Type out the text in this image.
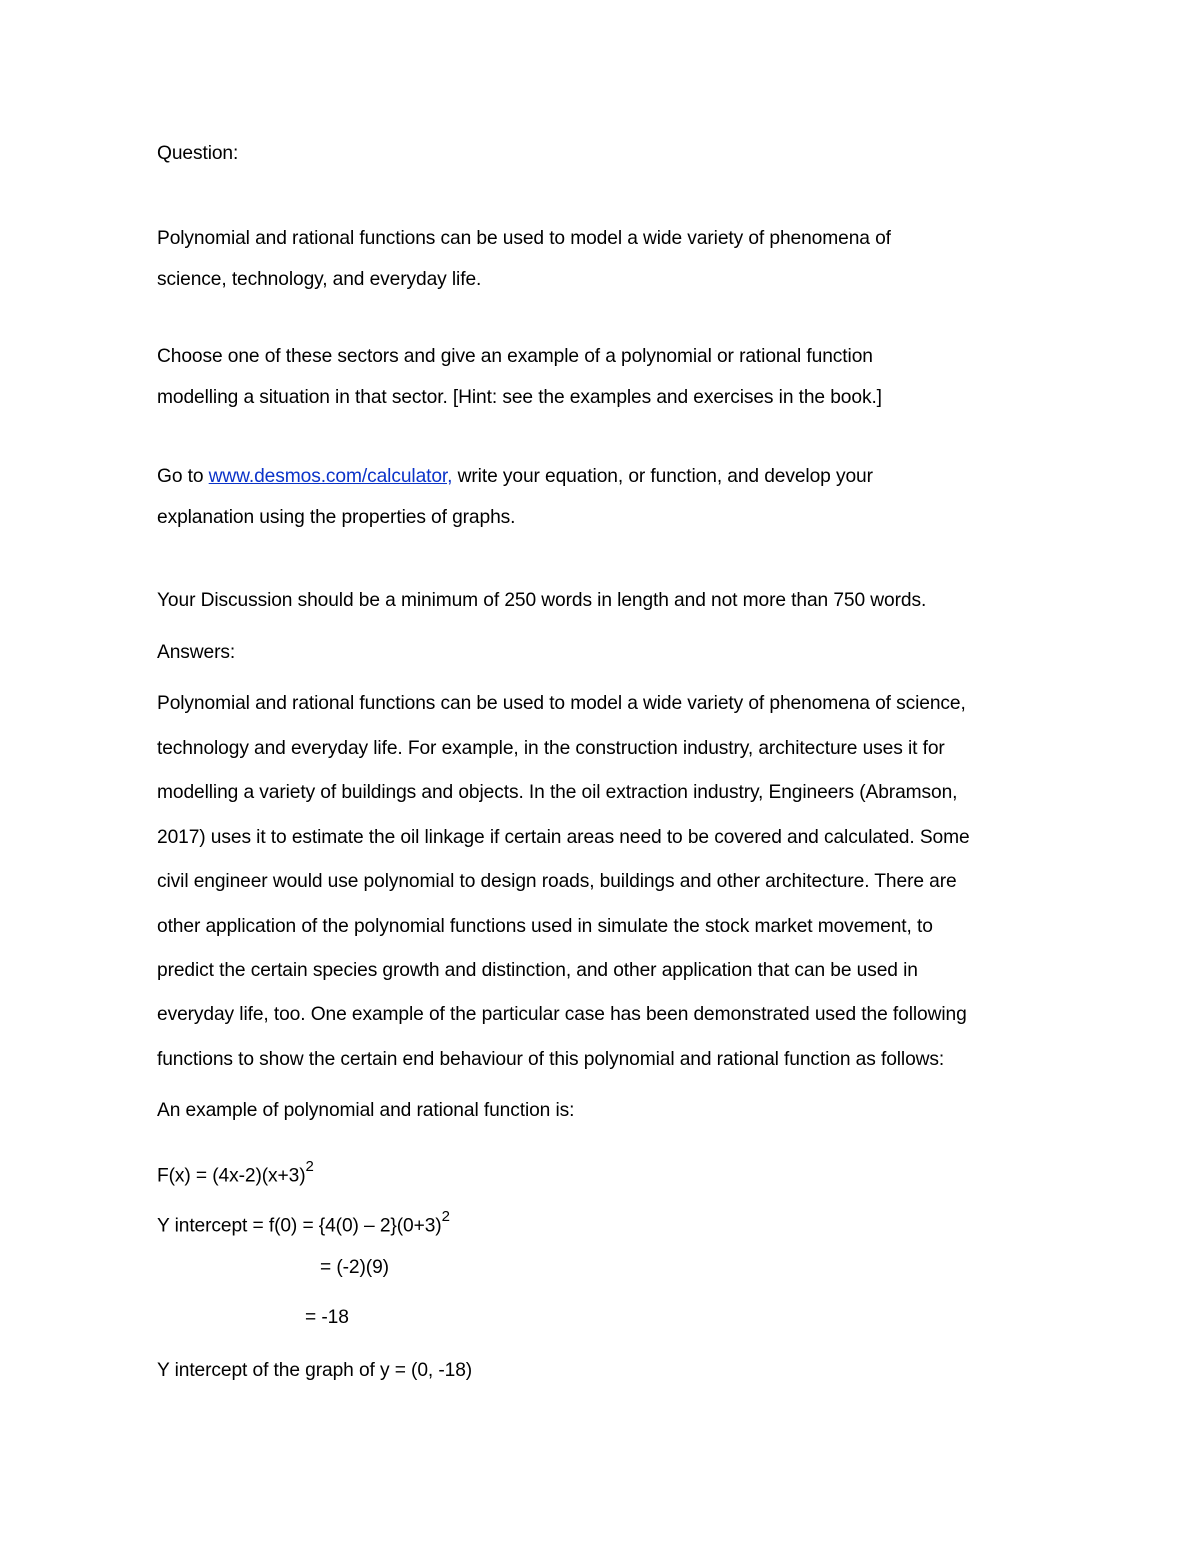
Question:
Polynomial and rational functions can be used to model a wide variety of phenomena of
science, technology, and everyday life.
Choose one of these sectors and give an example of a polynomial or rational function
modelling a situation in that sector. [Hint: see the examples and exercises in the book.]
Go to www.desmos.com/calculator, write your equation, or function, and develop your
explanation using the properties of graphs.
Your Discussion should be a minimum of 250 words in length and not more than 750 words.
Answers:
Polynomial and rational functions can be used to model a wide variety of phenomena of science,
technology and everyday life. For example, in the construction industry, architecture uses it for
modelling a variety of buildings and objects. In the oil extraction industry, Engineers (Abramson,
2017) uses it to estimate the oil linkage if certain areas need to be covered and calculated. Some
civil engineer would use polynomial to design roads, buildings and other architecture. There are
other application of the polynomial functions used in simulate the stock market movement, to
predict the certain species growth and distinction, and other application that can be used in
everyday life, too. One example of the particular case has been demonstrated used the following
functions to show the certain end behaviour of this polynomial and rational function as follows:
An example of polynomial and rational function is:
$F(x) = (4x-2)(x+3)^2$
Y intercept = $f(0) = \{4(0) - 2\}(0+3)^2$
= (-2)(9)
= -18
Y intercept of the graph of y = (0, -18)
